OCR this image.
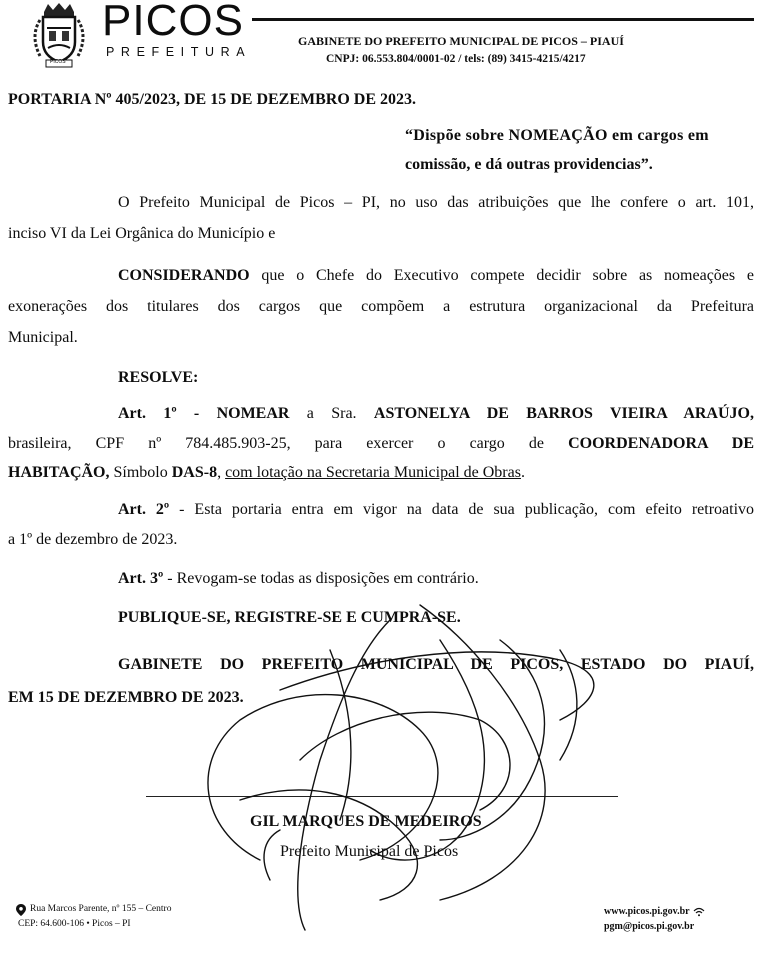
PICOS
PICOS
PREFEITURA
GABINETE DO PREFEITO MUNICIPAL DE PICOS – PIAUÍ
CNPJ: 06.553.804/0001-02 / tels: (89) 3415-4215/4217
PORTARIA Nº 405/2023, DE 15 DE DEZEMBRO DE 2023.
“Dispõe sobre NOMEAÇÃO em cargos em
comissão, e dá outras providencias”.
O Prefeito Municipal de Picos – PI, no uso das atribuições que lhe confere o art. 101,
inciso VI da Lei Orgânica do Município e
CONSIDERANDO que o Chefe do Executivo compete decidir sobre as nomeações e
exonerações dos titulares dos cargos que compõem a estrutura organizacional da Prefeitura
Municipal.
RESOLVE:
Art. 1º - NOMEAR a Sra. ASTONELYA DE BARROS VIEIRA ARAÚJO,
brasileira, CPF nº 784.485.903-25, para exercer o cargo de COORDENADORA DE
HABITAÇÃO, Símbolo DAS-8, com lotação na Secretaria Municipal de Obras.
Art. 2º - Esta portaria entra em vigor na data de sua publicação, com efeito retroativo
a 1º de dezembro de 2023.
Art. 3º - Revogam-se todas as disposições em contrário.
PUBLIQUE-SE, REGISTRE-SE E CUMPRA-SE.
GABINETE DO PREFEITO MUNICIPAL DE PICOS, ESTADO DO PIAUÍ,
EM 15 DE DEZEMBRO DE 2023.
GIL MARQUES DE MEDEIROS
Prefeito Municipal de Picos
Rua Marcos Parente, nº 155 – Centro
CEP: 64.600-106 • Picos – PI
www.picos.pi.gov.br
pgm@picos.pi.gov.br
